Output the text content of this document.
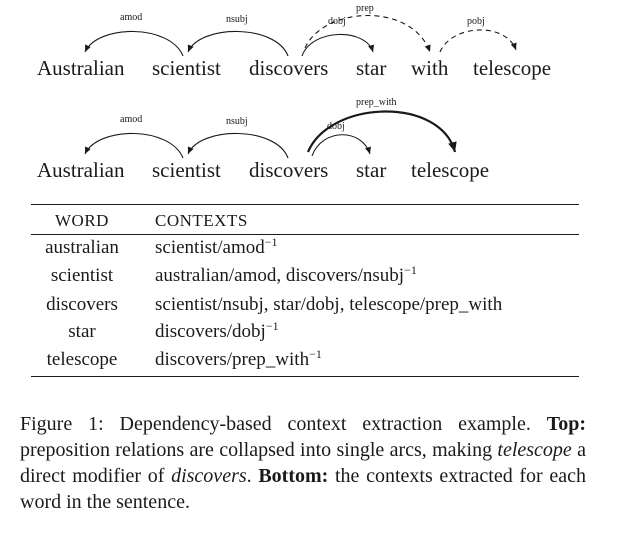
amod	nsubj	dobj
prep
pobj
Australian scientist discovers star with telescope
amod	nsubj	dobj
prep_with
Australian scientist discovers star telescope
WORD	CONTEXTS
australian	scientist/amod$^{-1}$
scientist	australian/amod, discovers/nsubj$^{-1}$
discovers	scientist/nsubj, star/dobj, telescope/prep_with
star	discovers/dobj$^{-1}$
telescope	discovers/prep_with$^{-1}$
Figure 1: Dependency-based context extraction example. Top: preposition relations are collapsed into single arcs, making telescope a direct modifier of discovers. Bottom: the contexts extracted for each word in the sentence.
